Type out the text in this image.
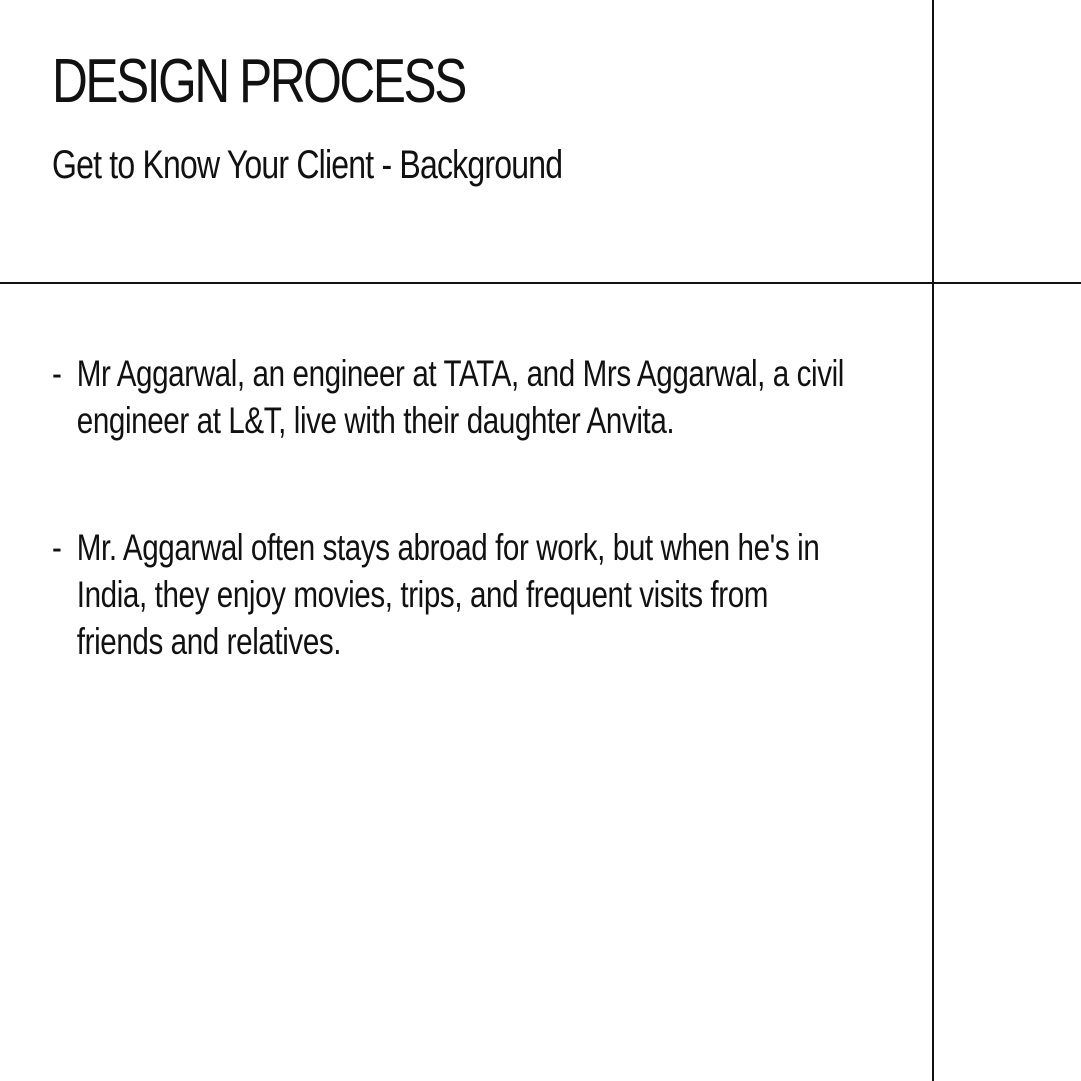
DESIGN PROCESS
Get to Know Your Client - Background
- Mr Aggarwal, an engineer at TATA, and Mrs Aggarwal, a civil engineer at L&T, live with their daughter Anvita.
- Mr. Aggarwal often stays abroad for work, but when he's in India, they enjoy movies, trips, and frequent visits from friends and relatives.
